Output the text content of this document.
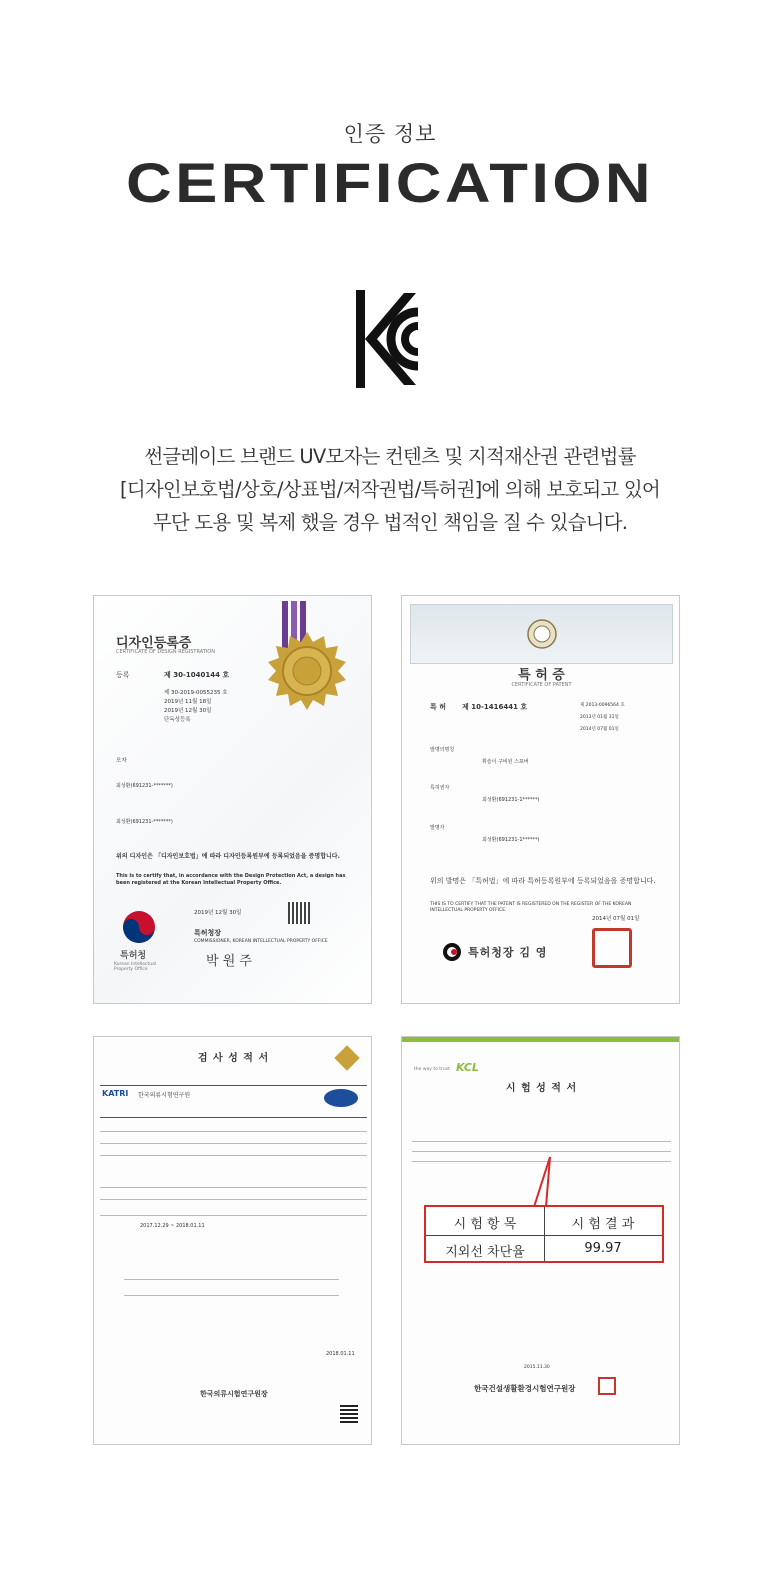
인증 정보
CERTIFICATION
썬글레이드 브랜드 UV모자는 컨텐츠 및 지적재산권 관련법률
[디자인보호법/상호/상표법/저작권법/특허권]에 의해 보호되고 있어
무단 도용 및 복제 했을 경우 법적인 책임을 질 수 있습니다.
디자인등록증
CERTIFICATE OF DESIGN REGISTRATION
등록	제 30-1040144 호
제 30-2019-0055235 호
2019년 11월 18일
2019년 12월 30일
단독성등록
모자
최성환(691231-*******)
최성환(691231-*******)
위의 디자인은 「디자인보호법」에 따라 디자인등록원부에 등록되었음을 증명합니다.
This is to certify that, in accordance with the Design Protection Act, a design has been registered at the Korean Intellectual Property Office.
2019년 12월 30일
특허청장
COMMISSIONER, KOREAN INTELLECTUAL PROPERTY OFFICE
박 원 주
특허청
Korean Intellectual Property Office
특 허 증
CERTIFICATE OF PATENT
특 허 제 10-1416441 호	제 2013-0096564 호
2013년 01월 31일
2014년 07월 01일
발명의명칭
휘슬이 구비된 스포버
특허권자
최성환(691231-1******)
발명자
최성환(691231-1******)
위의 발명은 「특허법」에 따라 특허등록원부에 등록되었음을 증명합니다.
THIS IS TO CERTIFY THAT THE PATENT IS REGISTERED ON THE REGISTER OF THE KOREAN INTELLECTUAL PROPERTY OFFICE.
2014년 07월 01일
특허청장 김 영
검 사 성 적 서
KATRI 한국의류시험연구원
2017.12.29 ~ 2018.01.11
2018.01.11
한국의류시험연구원장
the way to trust KCL
시 험 성 적 서
시 험 항 목	시 험 결 과
지외선 차단율	99.97
2015.11.30
한국건설생활환경시험연구원장
